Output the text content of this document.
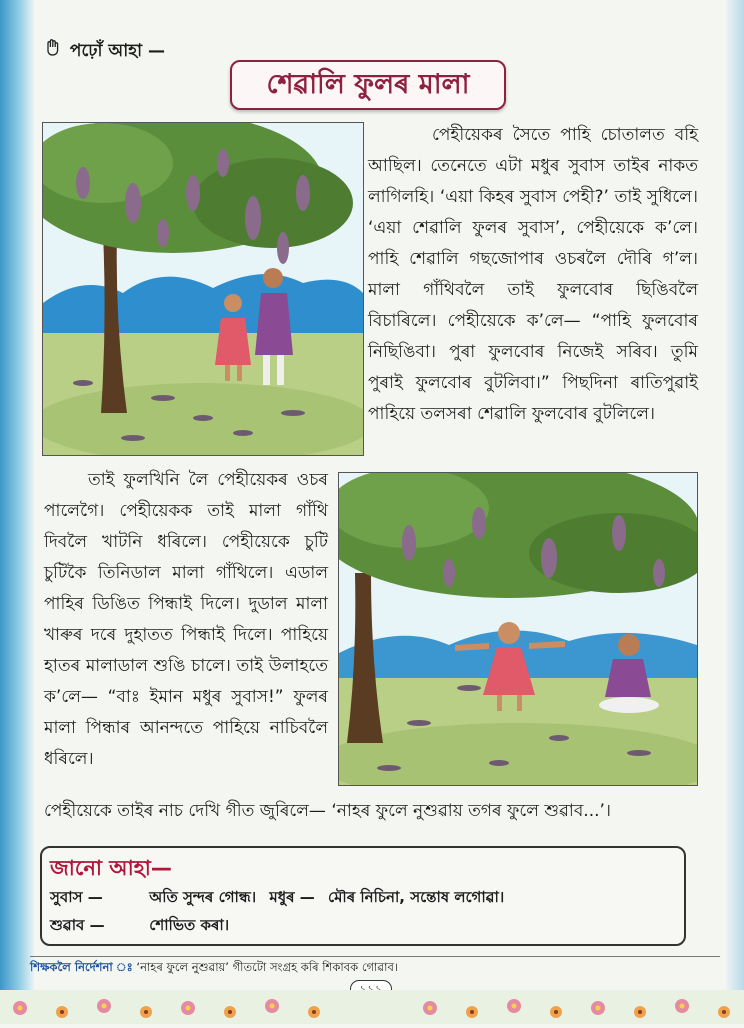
পঢ়োঁ আহা —
শেৱালি ফুলৰ মালা
পেহীয়েকৰ সৈতে পাহি চোতালত বহি আছিল। তেনেতে এটা মধুৰ সুবাস তাইৰ নাকত লাগিলহি। ‘এয়া কিহৰ সুবাস পেহী?’ তাই সুধিলে। ‘এয়া শেৱালি ফুলৰ সুবাস’, পেহীয়েকে ক’লে। পাহি শেৱালি গছজোপাৰ ওচৰলৈ দৌৰি গ’ল। মালা গাঁথিবলৈ তাই ফুলবোৰ ছিঙিবলৈ বিচাৰিলে। পেহীয়েকে ক’লে— “পাহি ফুলবোৰ নিছিঙিবা। পুৰা ফুলবোৰ নিজেই সৰিব। তুমি পুৰাই ফুলবোৰ বুটলিবা।” পিছদিনা ৰাতিপুৱাই পাহিয়ে তলসৰা শেৱালি ফুলবোৰ বুটলিলে।
তাই ফুলখিনি লৈ পেহীয়েকৰ ওচৰ পালেগৈ। পেহীয়েকক তাই মালা গাঁথি দিবলৈ খাটনি ধৰিলে। পেহীয়েকে চুটি চুটিকৈ তিনিডাল মালা গাঁথিলে। এডাল পাহিৰ ডিঙিত পিন্ধাই দিলে। দুডাল মালা খাৰুৰ দৰে দুহাতত পিন্ধাই দিলে। পাহিয়ে হাতৰ মালাডাল শুঙি চালে। তাই উলাহতে ক’লে— “বাঃ ইমান মধুৰ সুবাস!” ফুলৰ মালা পিন্ধাৰ আনন্দতে পাহিয়ে নাচিবলৈ ধৰিলে।
পেহীয়েকে তাইৰ নাচ দেখি গীত জুৰিলে— ‘নাহৰ ফুলে নুশুৱায় তগৰ ফুলে শুৱাব...’।
জানো আহা—
সুবাস —	অতি সুন্দৰ গোন্ধ। মধুৰ — মৌৰ নিচিনা, সন্তোষ লগোৱা।
শুৱাব —	শোভিত কৰা।
শিক্ষকলৈ নিৰ্দেশনা ঃ ‘নাহৰ ফুলে নুশুৱায়’ গীতটো সংগ্ৰহ কৰি শিকাবক গোৱাব।
